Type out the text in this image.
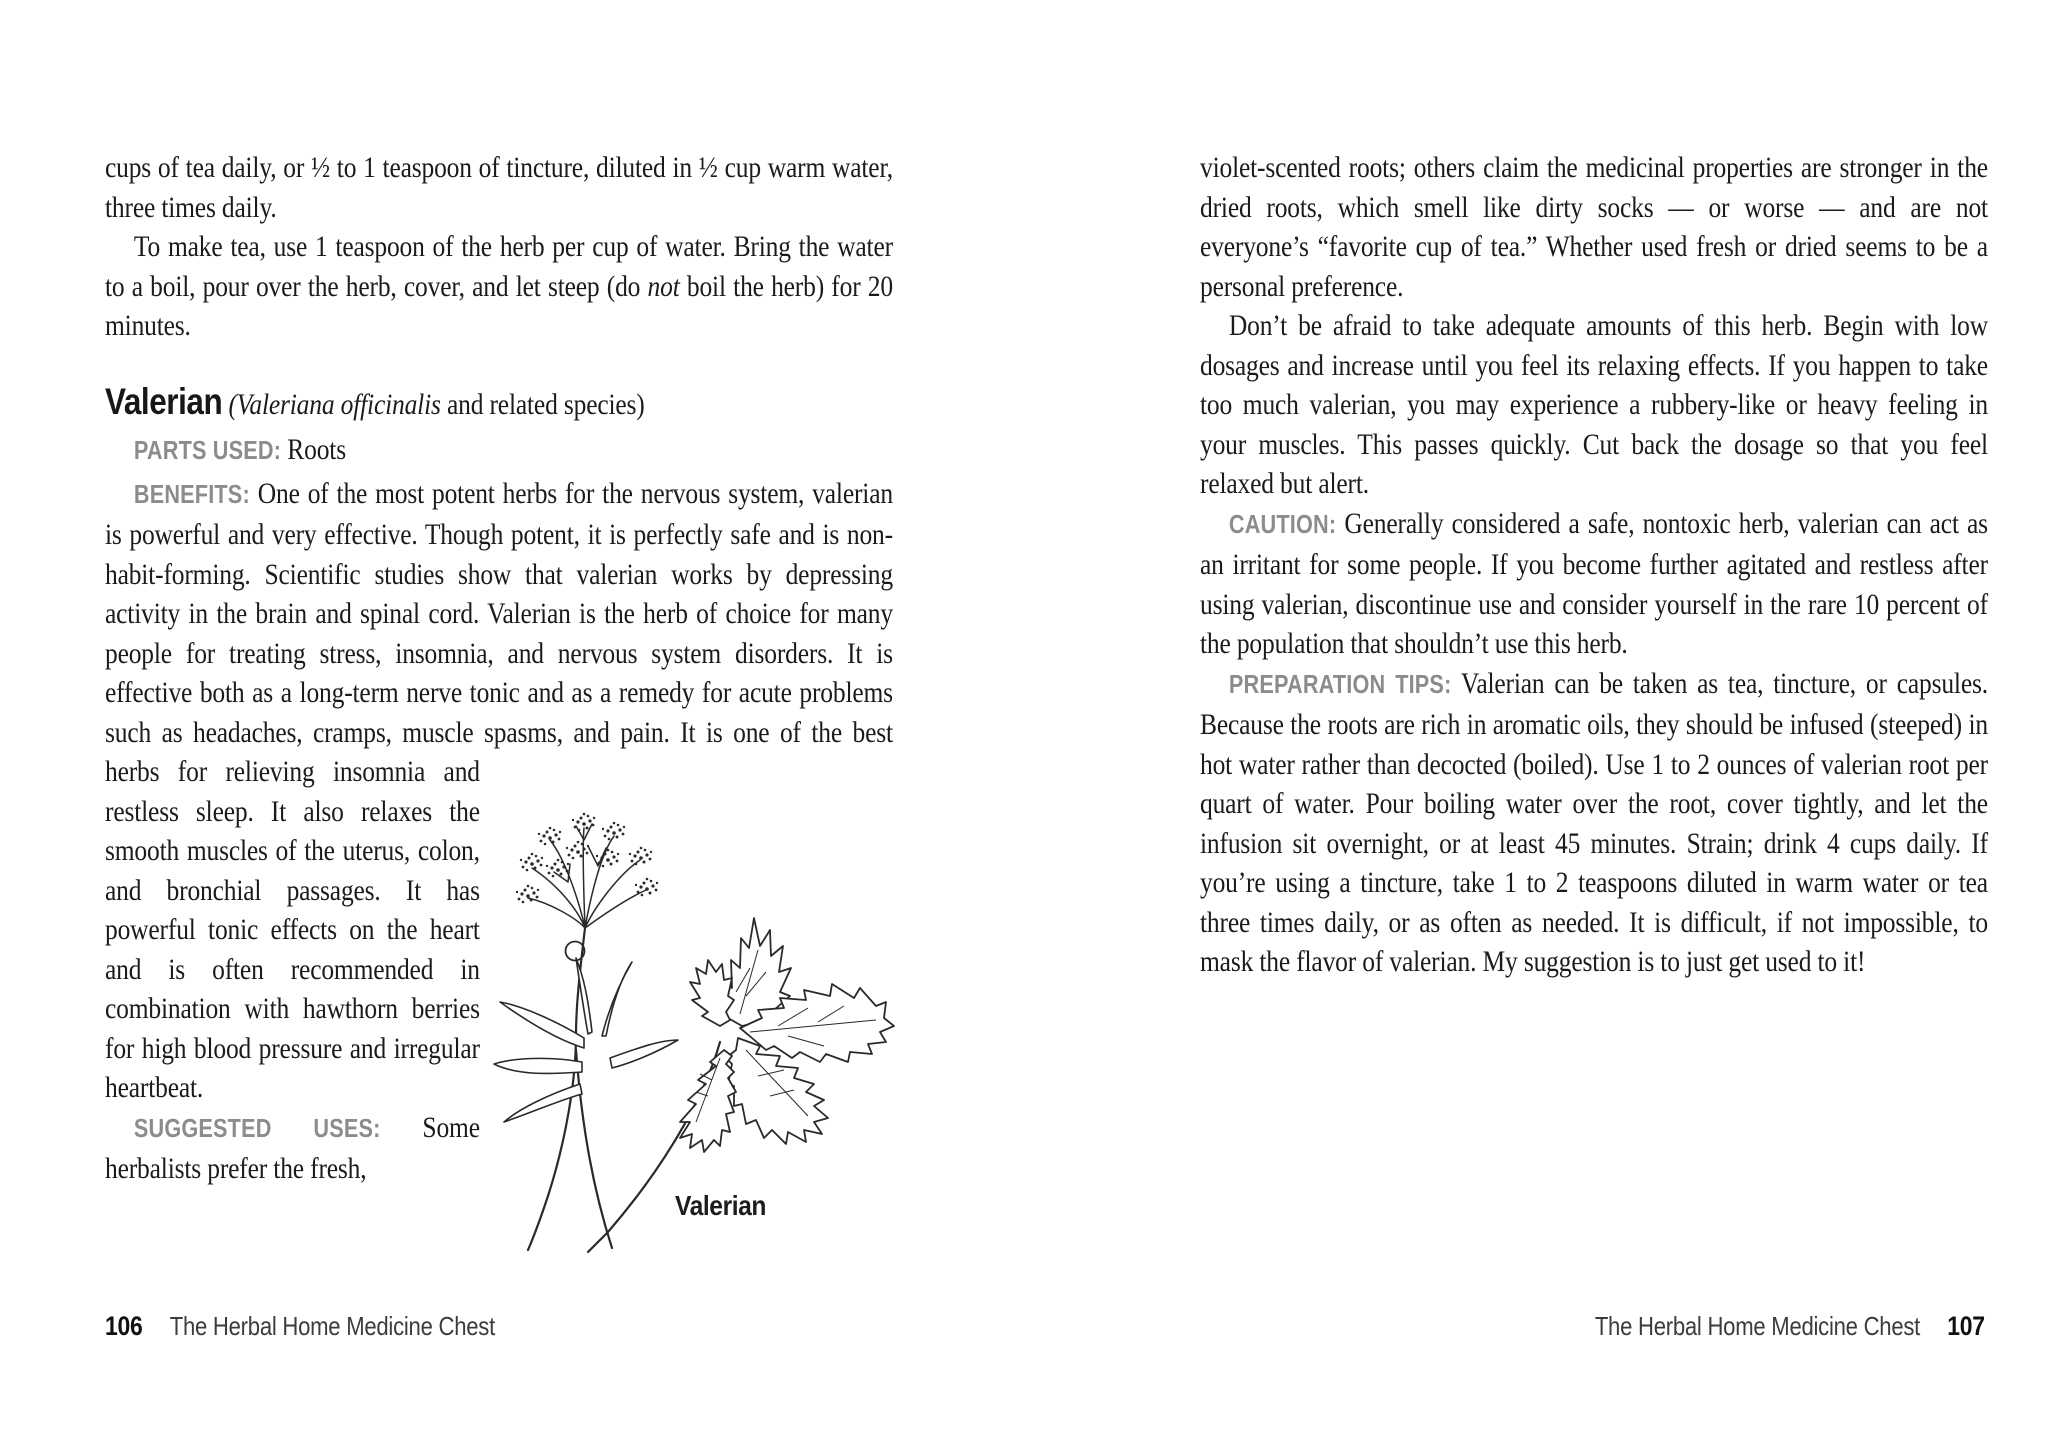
cups of tea daily, or ½ to 1 teaspoon of tincture, diluted in ½ cup warm water, three times daily.

To make tea, use 1 teaspoon of the herb per cup of water. Bring the water to a boil, pour over the herb, cover, and let steep (do not boil the herb) for 20 minutes.

Valerian (Valeriana officinalis and related species)

PARTS USED: Roots

BENEFITS: One of the most potent herbs for the nervous system, valerian is powerful and very effective. Though potent, it is perfectly safe and is non-habit-forming. Scientific studies show that valerian works by depressing activity in the brain and spinal cord. Valerian is the herb of choice for many people for treating stress, insomnia, and nervous system disorders. It is effective both as a long-term nerve tonic and as a remedy for acute problems such as headaches, cramps, muscle spasms, and pain. It is one of the best herbs for relieving insomnia and
restless sleep. It also relaxes the smooth muscles of the uterus, colon, and bronchial passages. It has powerful tonic effects on the heart and is often recommended in combination with hawthorn berries for high blood pressure and irregular heartbeat.

SUGGESTED USES: Some herbalists prefer the fresh,

Valerian

violet-scented roots; others claim the medicinal properties are stronger in the dried roots, which smell like dirty socks — or worse — and are not everyone’s “favorite cup of tea.” Whether used fresh or dried seems to be a personal preference.

Don’t be afraid to take adequate amounts of this herb. Begin with low dosages and increase until you feel its relaxing effects. If you happen to take too much valerian, you may experience a rubbery-like or heavy feeling in your muscles. This passes quickly. Cut back the dosage so that you feel relaxed but alert.

CAUTION: Generally considered a safe, nontoxic herb, valerian can act as an irritant for some people. If you become further agitated and restless after using valerian, discontinue use and consider yourself in the rare 10 percent of the population that shouldn’t use this herb.

PREPARATION TIPS: Valerian can be taken as tea, tincture, or capsules. Because the roots are rich in aromatic oils, they should be infused (steeped) in hot water rather than decocted (boiled). Use 1 to 2 ounces of valerian root per quart of water. Pour boiling water over the root, cover tightly, and let the infusion sit overnight, or at least 45 minutes. Strain; drink 4 cups daily. If you’re using a tincture, take 1 to 2 teaspoons diluted in warm water or tea three times daily, or as often as needed. It is difficult, if not impossible, to mask the flavor of valerian. My suggestion is to just get used to it!

106 The Herbal Home Medicine Chest	The Herbal Home Medicine Chest 107
